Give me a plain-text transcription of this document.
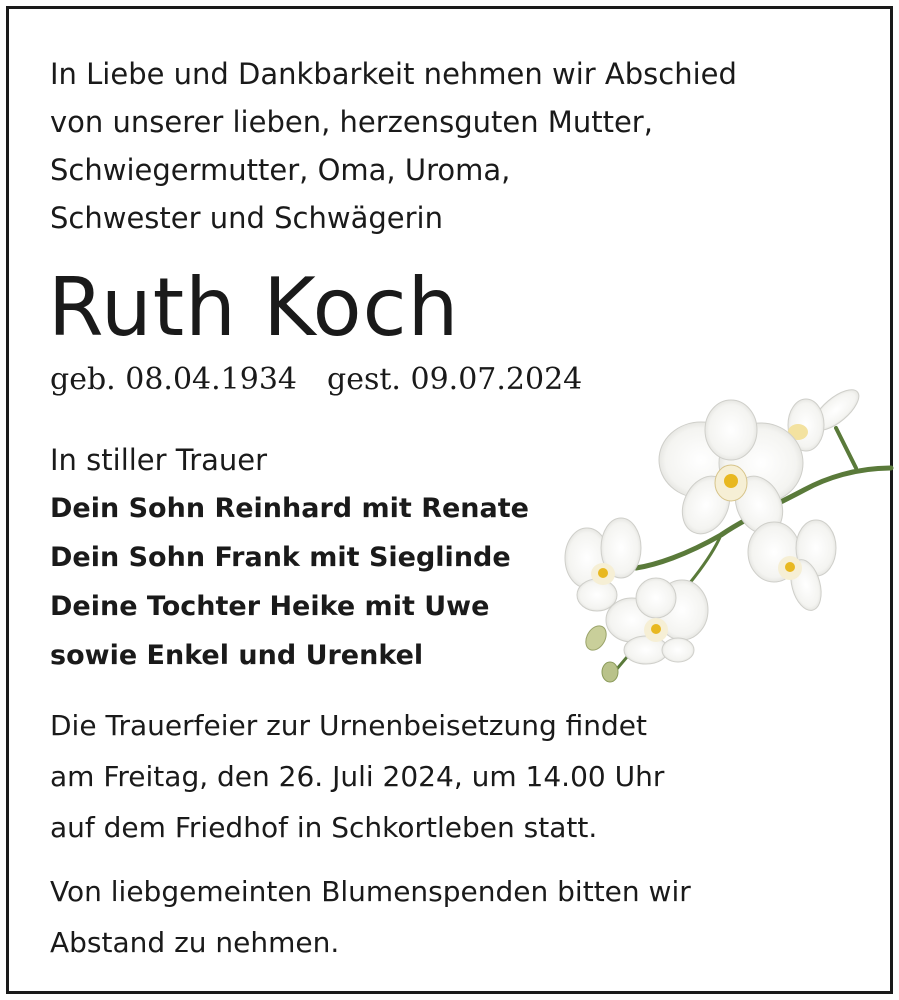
In Liebe und Dankbarkeit nehmen wir Abschied
von unserer lieben, herzensguten Mutter,
Schwiegermutter, Oma, Uroma,
Schwester und Schwägerin
Ruth Koch
geb. 08.04.1934 gest. 09.07.2024
In stiller Trauer
Dein Sohn Reinhard mit Renate
Dein Sohn Frank mit Sieglinde
Deine Tochter Heike mit Uwe
sowie Enkel und Urenkel
Die Trauerfeier zur Urnenbeisetzung findet
am Freitag, den 26. Juli 2024, um 14.00 Uhr
auf dem Friedhof in Schkortleben statt.
Von liebgemeinten Blumenspenden bitten wir
Abstand zu nehmen.
